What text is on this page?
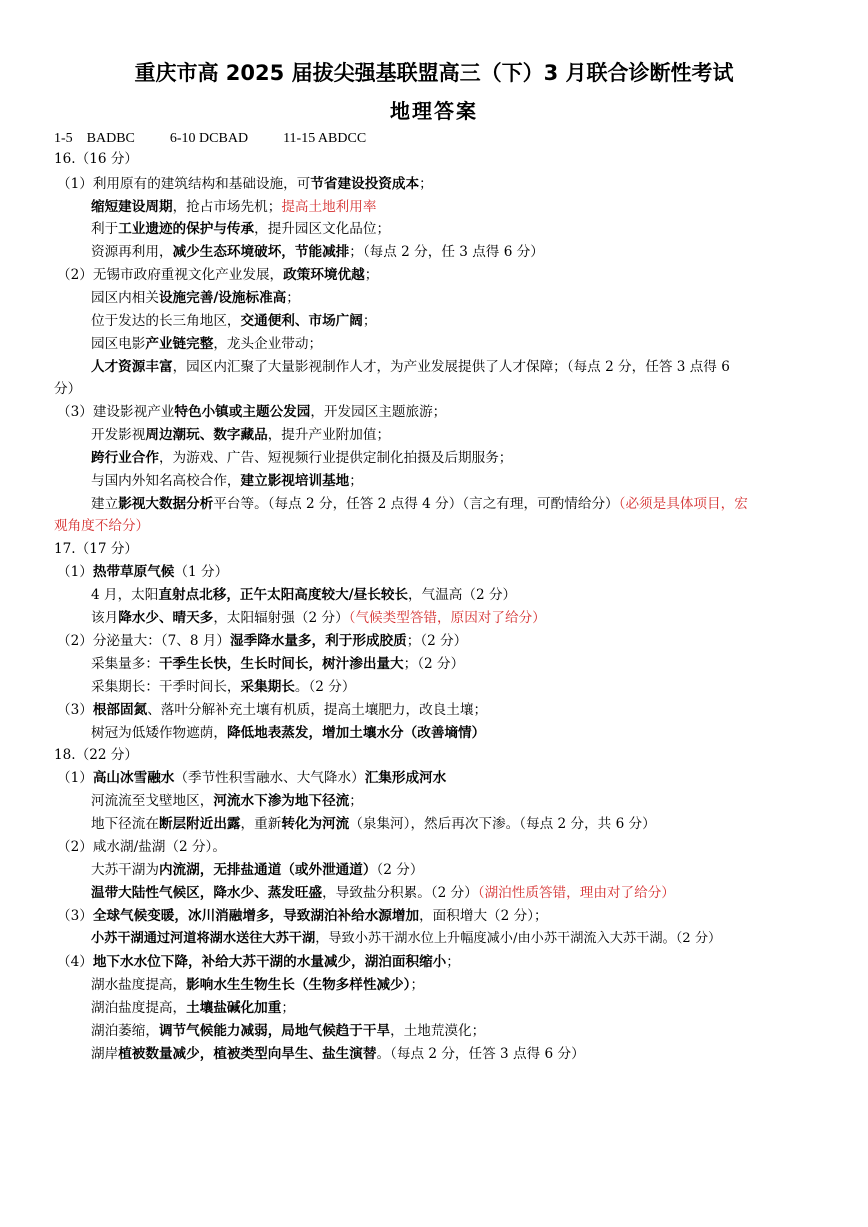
重庆市高 2025 届拔尖强基联盟高三（下）3 月联合诊断性考试
地理答案
1-5    BADBC          6-10 DCBAD          11-15 ABDCC
16.（16 分）
（1）利用原有的建筑结构和基础设施，可节省建设投资成本；
缩短建设周期，抢占市场先机；提高土地利用率
利于工业遗迹的保护与传承，提升园区文化品位；
资源再利用，减少生态环境破坏，节能减排；（每点 2 分，任 3 点得 6 分）
（2）无锡市政府重视文化产业发展，政策环境优越；
园区内相关设施完善/设施标准高；
位于发达的长三角地区，交通便利、市场广阔；
园区电影产业链完整，龙头企业带动；
人才资源丰富，园区内汇聚了大量影视制作人才，为产业发展提供了人才保障；（每点 2 分，任答 3 点得 6
分）
（3）建设影视产业特色小镇或主题公发园，开发园区主题旅游；
开发影视周边潮玩、数字藏品，提升产业附加值；
跨行业合作，为游戏、广告、短视频行业提供定制化拍摄及后期服务；
与国内外知名高校合作，建立影视培训基地；
建立影视大数据分析平台等。（每点 2 分，任答 2 点得 4 分）（言之有理，可酌情给分）（必须是具体项目，宏
观角度不给分）
17.（17 分）
（1）热带草原气候（1 分）
4 月，太阳直射点北移，正午太阳高度较大/昼长较长，气温高（2 分）
该月降水少、晴天多，太阳辐射强（2 分）（气候类型答错，原因对了给分）
（2）分泌量大：（7、8 月）湿季降水量多，利于形成胶质；（2 分）
采集量多：干季生长快，生长时间长，树汁渗出量大；（2 分）
采集期长：干季时间长，采集期长。（2 分）
（3）根部固氮、落叶分解补充土壤有机质，提高土壤肥力，改良土壤；
树冠为低矮作物遮荫，降低地表蒸发，增加土壤水分（改善墒情）
18.（22 分）
（1）高山冰雪融水（季节性积雪融水、大气降水）汇集形成河水
河流流至戈壁地区，河流水下渗为地下径流；
地下径流在断层附近出露，重新转化为河流（泉集河），然后再次下渗。（每点 2 分，共 6 分）
（2）咸水湖/盐湖（2 分）。
大苏干湖为内流湖，无排盐通道（或外泄通道）（2 分）
温带大陆性气候区，降水少、蒸发旺盛，导致盐分积累。（2 分）（湖泊性质答错，理由对了给分）
（3）全球气候变暖，冰川消融增多，导致湖泊补给水源增加，面积增大（2 分）；
小苏干湖通过河道将湖水送往大苏干湖，导致小苏干湖水位上升幅度减小/由小苏干湖流入大苏干湖。（2 分）
（4）地下水水位下降，补给大苏干湖的水量减少，湖泊面积缩小；
湖水盐度提高，影响水生生物生长（生物多样性减少）；
湖泊盐度提高，土壤盐碱化加重；
湖泊萎缩，调节气候能力减弱，局地气候趋于干旱，土地荒漠化；
湖岸植被数量减少，植被类型向旱生、盐生演替。（每点 2 分，任答 3 点得 6 分）
